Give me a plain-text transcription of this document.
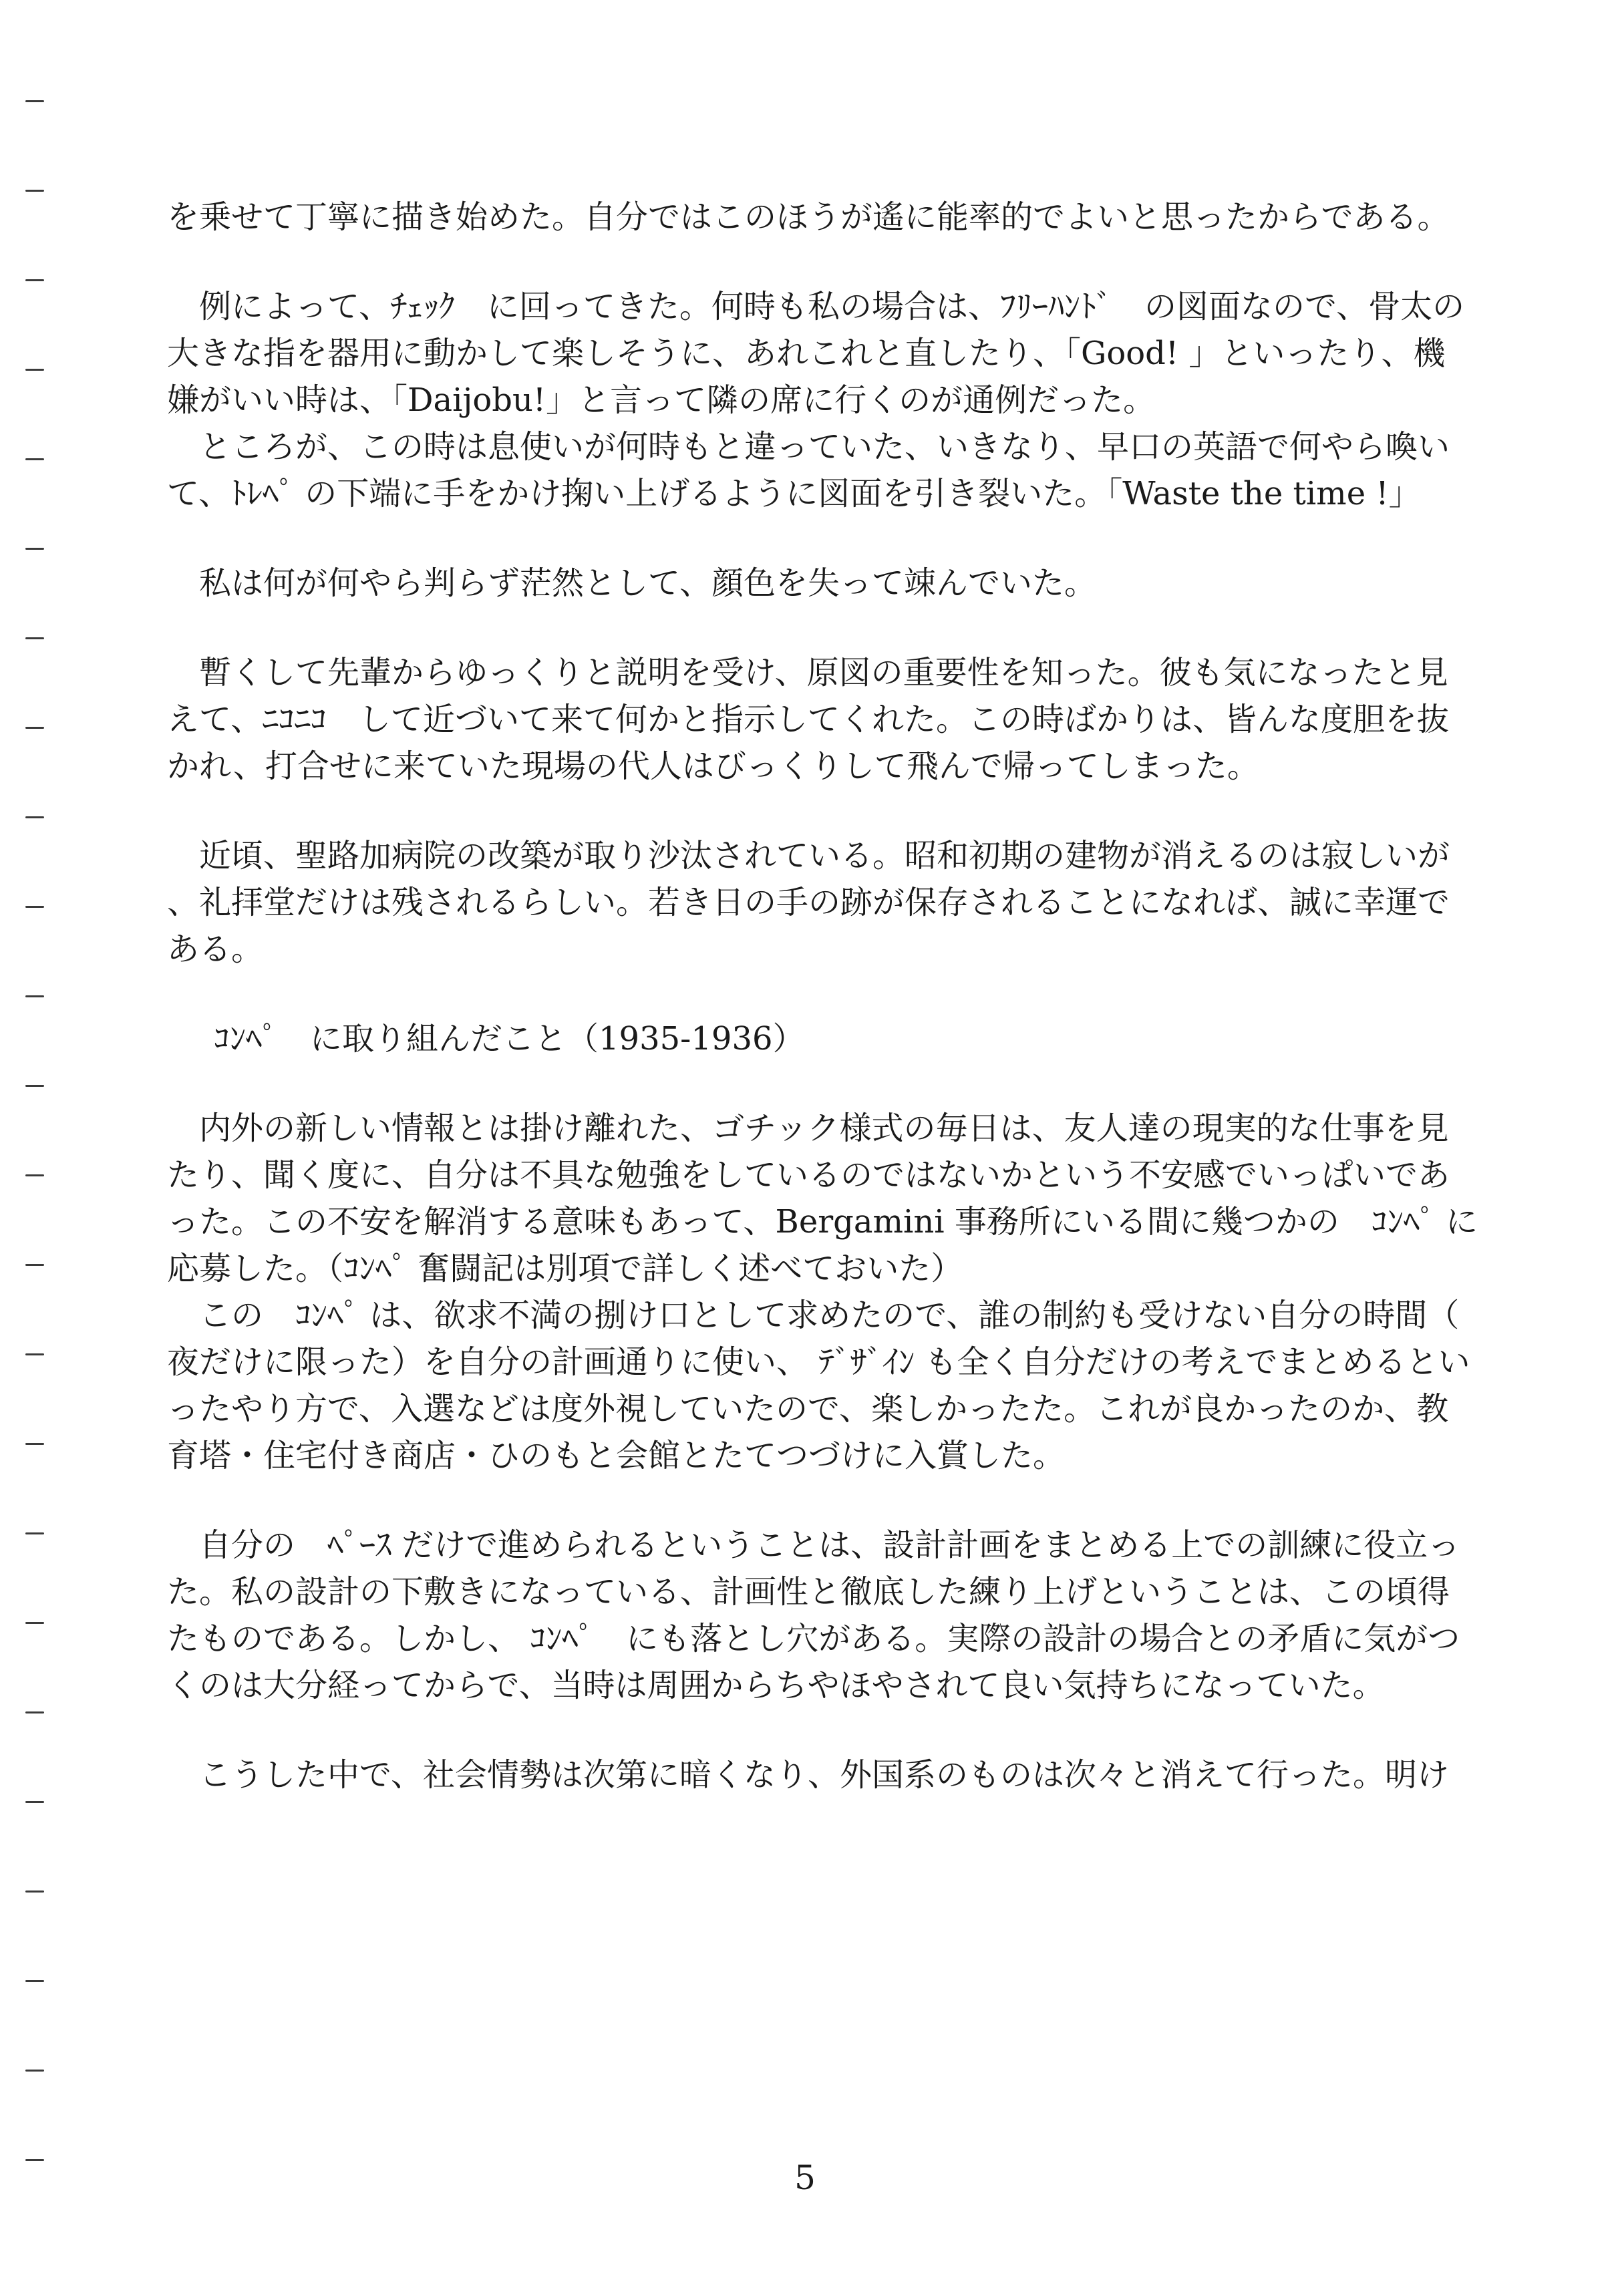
を乗せて丁寧に描き始めた。自分ではこのほうが遙に能率的でよいと思ったからである。
　例によって、ﾁｪｯｸ　に回ってきた。何時も私の場合は、ﾌﾘｰﾊﾝﾄﾞ　の図面なので、骨太の
大きな指を器用に動かして楽しそうに、あれこれと直したり、「Good! 」といったり、機
嫌がいい時は、「Daijobu!」と言って隣の席に行くのが通例だった。
　ところが、この時は息使いが何時もと違っていた、いきなり、早口の英語で何やら喚い
て、ﾄﾚﾍﾟ の下端に手をかけ掬い上げるように図面を引き裂いた。「Waste the time !」
　私は何が何やら判らず茫然として、顔色を失って竦んでいた。
　暫くして先輩からゆっくりと説明を受け、原図の重要性を知った。彼も気になったと見
えて、ﾆｺﾆｺ　して近づいて来て何かと指示してくれた。この時ばかりは、皆んな度胆を抜
かれ、打合せに来ていた現場の代人はびっくりして飛んで帰ってしまった。
　近頃、聖路加病院の改築が取り沙汰されている。昭和初期の建物が消えるのは寂しいが
、礼拝堂だけは残されるらしい。若き日の手の跡が保存されることになれば、誠に幸運で
ある。
ｺﾝﾍﾟ　に取り組んだこと（1935-1936）
　内外の新しい情報とは掛け離れた、ゴチック様式の毎日は、友人達の現実的な仕事を見
たり、聞く度に、自分は不具な勉強をしているのではないかという不安感でいっぱいであ
った。この不安を解消する意味もあって、Bergamini 事務所にいる間に幾つかの　ｺﾝﾍﾟ に
応募した。（ｺﾝﾍﾟ 奮闘記は別項で詳しく述べておいた）
　この　ｺﾝﾍﾟ は、欲求不満の捌け口として求めたので、誰の制約も受けない自分の時間（
夜だけに限った）を自分の計画通りに使い、 ﾃﾞｻﾞｲﾝ も全く自分だけの考えでまとめるとい
ったやり方で、入選などは度外視していたので、楽しかったた。これが良かったのか、教
育塔・住宅付き商店・ひのもと会館とたてつづけに入賞した。
　自分の　ﾍﾟｰｽ だけで進められるということは、設計計画をまとめる上での訓練に役立っ
た。私の設計の下敷きになっている、計画性と徹底した練り上げということは、この頃得
たものである。しかし、 ｺﾝﾍﾟ　にも落とし穴がある。実際の設計の場合との矛盾に気がつ
くのは大分経ってからで、当時は周囲からちやほやされて良い気持ちになっていた。
　こうした中で、社会情勢は次第に暗くなり、外国系のものは次々と消えて行った。明け
5
